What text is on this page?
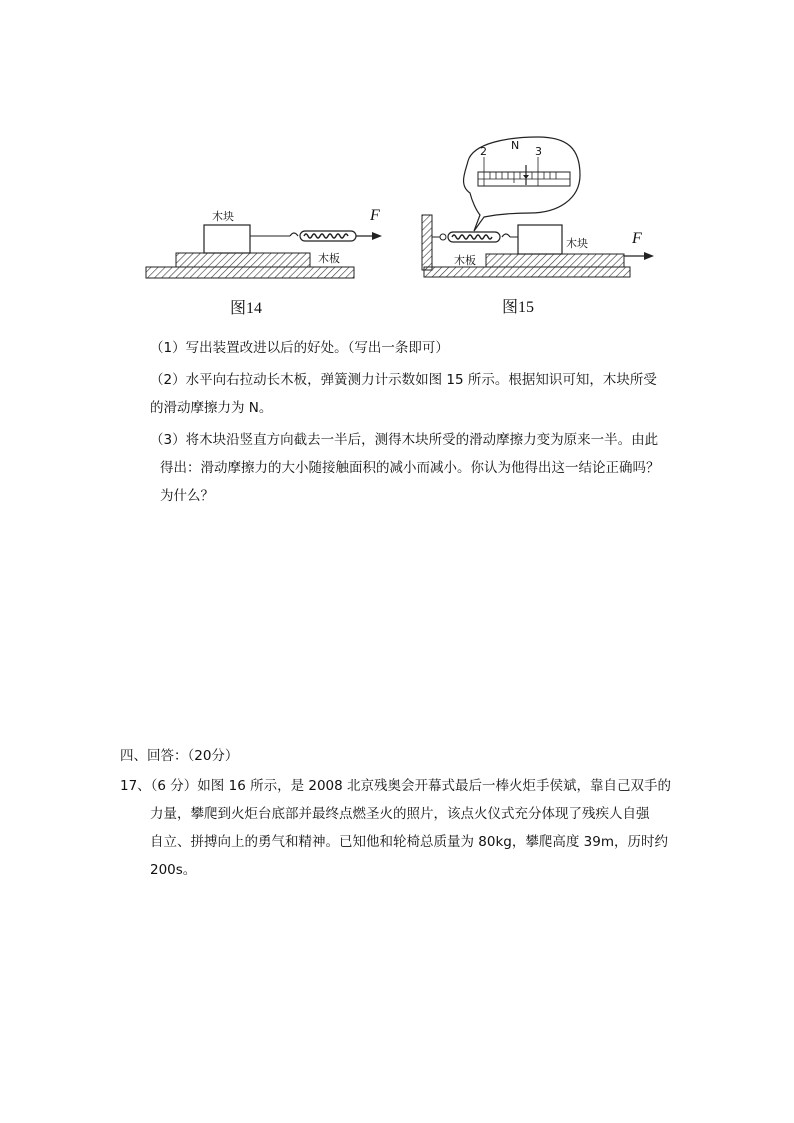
木板
木块	F
图14
2 N 3
木板
木块	F
图15
（1）写出装置改进以后的好处。（写出一条即可）
（2）水平向右拉动长木板，弹簧测力计示数如图 15 所示。根据知识可知，木块所受
的滑动摩擦力为 N。
（3）将木块沿竖直方向截去一半后，测得木块所受的滑动摩擦力变为原来一半。由此
得出：滑动摩擦力的大小随接触面积的减小而减小。你认为他得出这一结论正确吗？
为什么？
四、回答：（20分）
17、（6 分）如图 16 所示，是 2008 北京残奥会开幕式最后一棒火炬手侯斌，靠自己双手的
力量，攀爬到火炬台底部并最终点燃圣火的照片，该点火仪式充分体现了残疾人自强
自立、拼搏向上的勇气和精神。已知他和轮椅总质量为 80kg，攀爬高度 39m，历时约
200s。
